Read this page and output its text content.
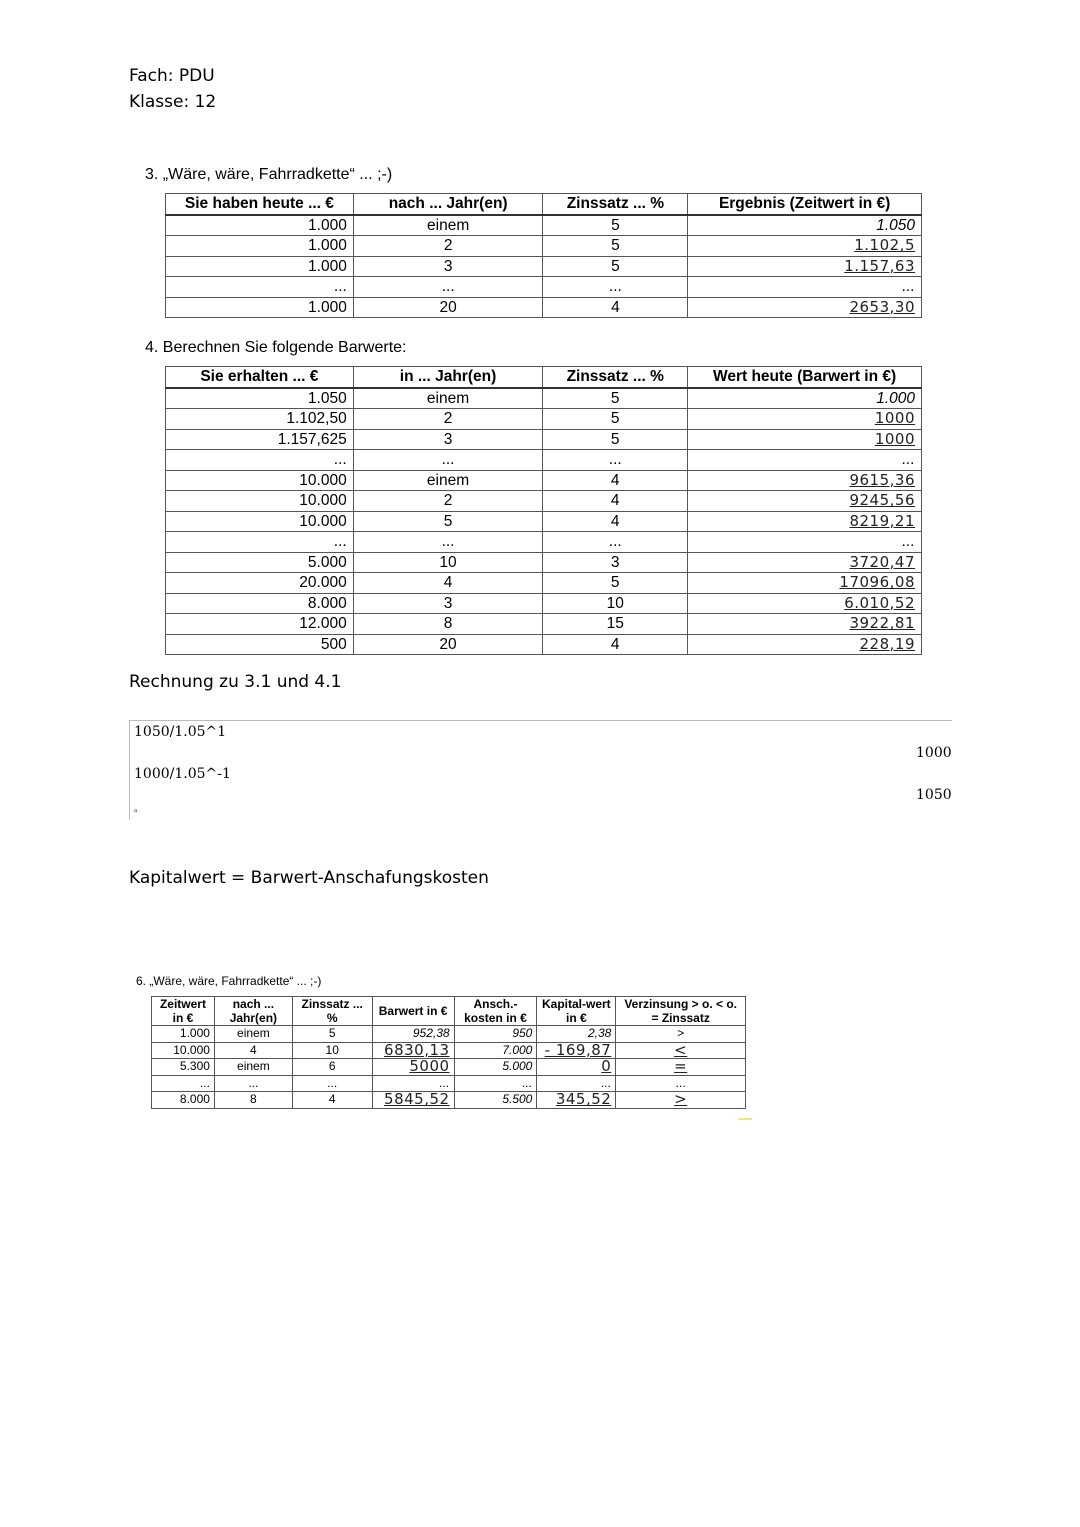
Fach: PDU
Klasse: 12
3. „Wäre, wäre, Fahrradkette“ ... ;-)
Sie haben heute ... €	nach ... Jahr(en)	Zinssatz ... %	Ergebnis (Zeitwert in €)
1.000	einem	5	1.050
1.000	2	5	1.102,5
1.000	3	5	1.157,63
...	...	...	...
1.000	20	4	2653,30
4. Berechnen Sie folgende Barwerte:
Sie erhalten ... €	in ... Jahr(en)	Zinssatz ... %	Wert heute (Barwert in €)
1.050	einem	5	1.000
1.102,50	2	5	1000
1.157,625	3	5	1000
...	...	...	...
10.000	einem	4	9615,36
10.000	2	4	9245,56
10.000	5	4	8219,21
...	...	...	...
5.000	10	3	3720,47
20.000	4	5	17096,08
8.000	3	10	6.010,52
12.000	8	15	3922,81
500	20	4	228,19
Rechnung zu 3.1 und 4.1
1050/1.05^1
1000
1000/1.05^-1
1050
▫
Kapitalwert = Barwert-Anschafungskosten
6. „Wäre, wäre, Fahrradkette“ ... ;-)
Zeitwert in €	nach ... Jahr(en)	Zinssatz ... %	Barwert in €	Ansch.-kosten in €	Kapital-wert in €	Verzinsung > o. < o. = Zinssatz
1.000	einem	5	952,38	950	2,38	>
10.000	4	10	6830,13	7.000	- 169,87	<
5.300	einem	6	5000	5.000	0	=
...	...	...	...	...	...	...
8.000	8	4	5845,52	5.500	345,52	>
